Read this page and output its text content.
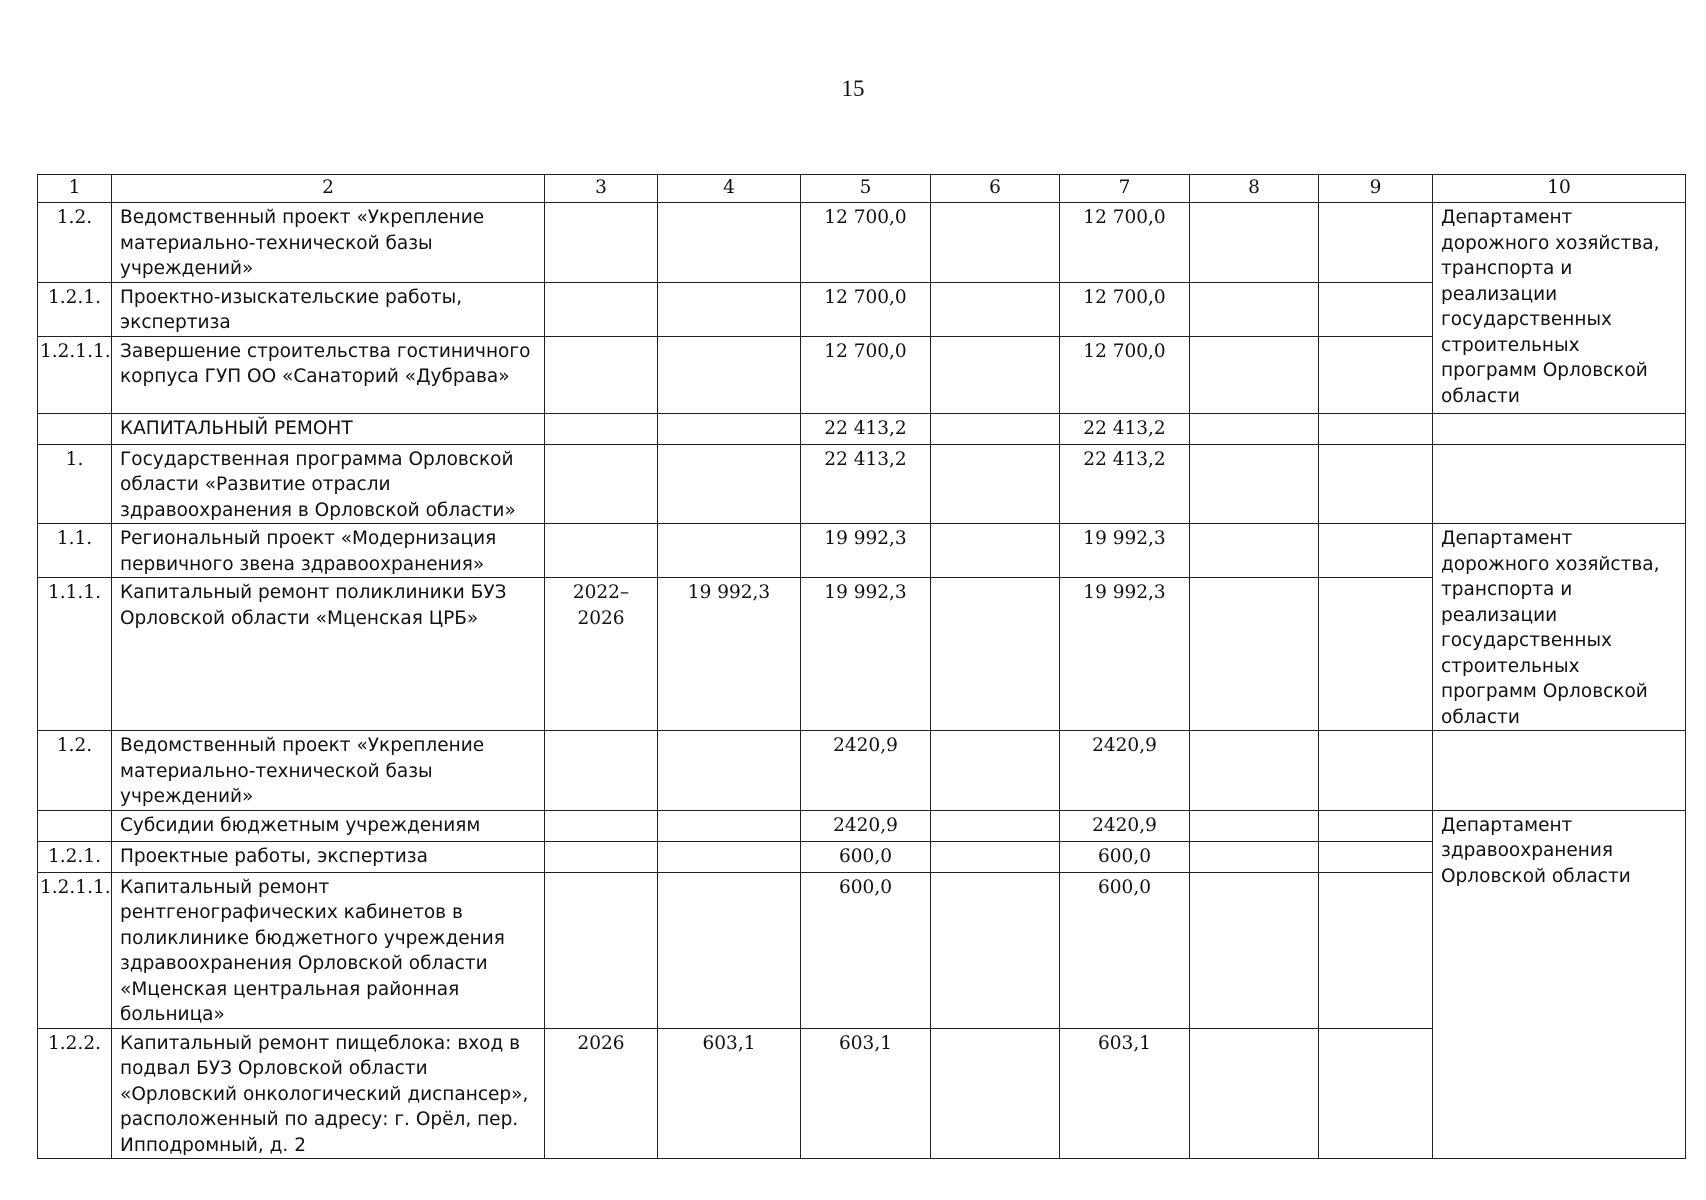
15
1	2	3	4	5	6	7	8	9	10
1.2.	Ведомственный проект «Укрепление материально-технической базы учреждений»			12 700,0		12 700,0			Департамент дорожного хозяйства, транспорта и реализации государственных строительных программ Орловской области
1.2.1.	Проектно-изыскательские работы, экспертиза			12 700,0		12 700,0			
1.2.1.1.	Завершение строительства гостиничного корпуса ГУП ОО «Санаторий «Дубрава»			12 700,0		12 700,0			
	КАПИТАЛЬНЫЙ РЕМОНТ			22 413,2		22 413,2			
1.	Государственная программа Орловской области «Развитие отрасли здравоохранения в Орловской области»			22 413,2		22 413,2			
1.1.	Региональный проект «Модернизация первичного звена здравоохранения»			19 992,3		19 992,3			Департамент дорожного хозяйства, транспорта и реализации государственных строительных программ Орловской области
1.1.1.	Капитальный ремонт поликлиники БУЗ Орловской области «Мценская ЦРБ»	2022–2026	19 992,3	19 992,3		19 992,3			
1.2.	Ведомственный проект «Укрепление материально-технической базы учреждений»			2420,9		2420,9			
	Субсидии бюджетным учреждениям			2420,9		2420,9			Департамент здравоохранения Орловской области
1.2.1.	Проектные работы, экспертиза			600,0		600,0			
1.2.1.1.	Капитальный ремонт рентгенографических кабинетов в поликлинике бюджетного учреждения здравоохранения Орловской области «Мценская центральная районная больница»			600,0		600,0			
1.2.2.	Капитальный ремонт пищеблока: вход в подвал БУЗ Орловской области «Орловский онкологический диспансер», расположенный по адресу: г. Орёл, пер. Ипподромный, д. 2	2026	603,1	603,1		603,1			
